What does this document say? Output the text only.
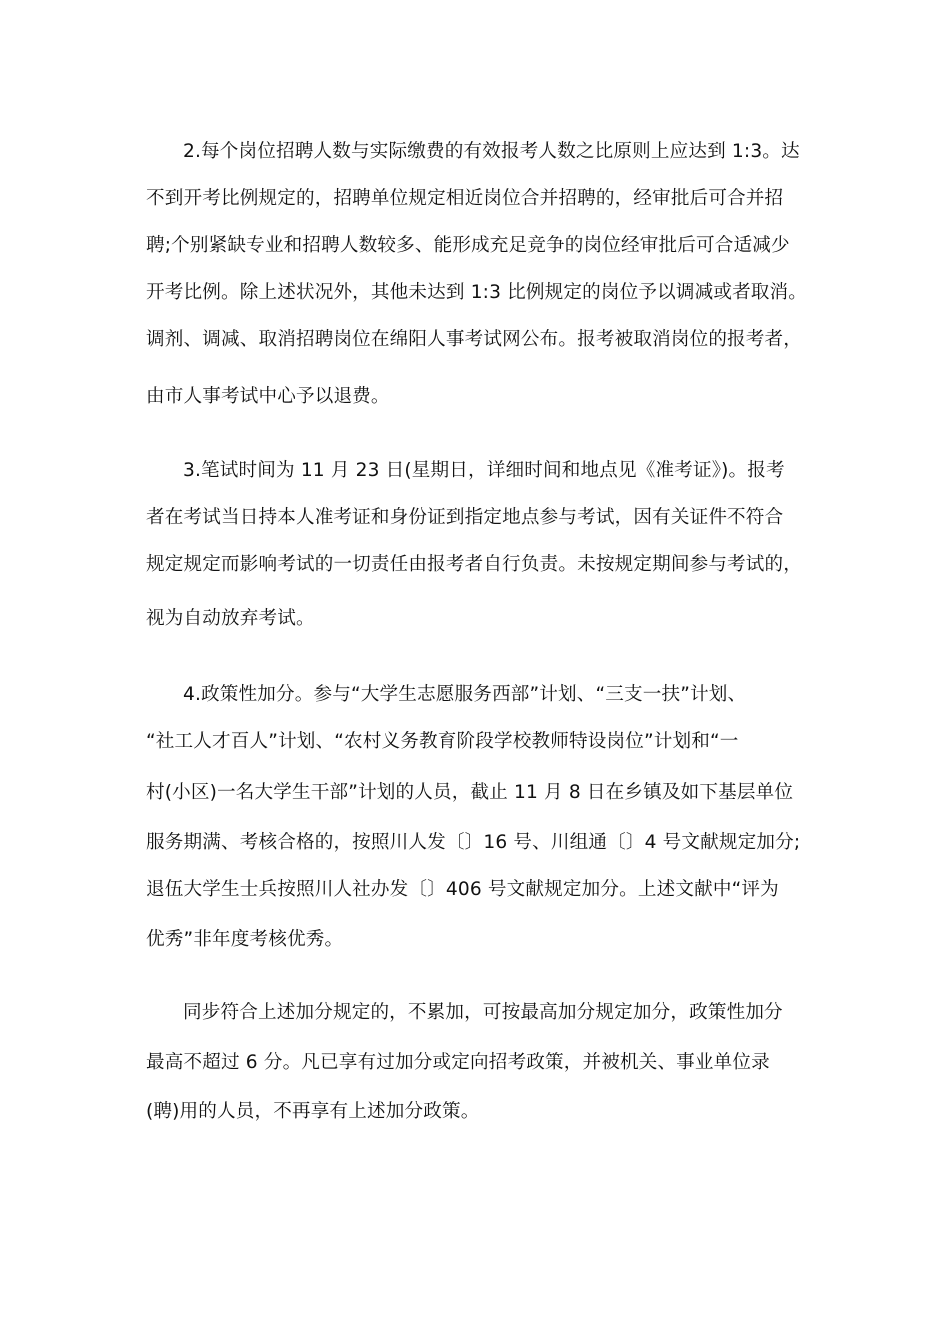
2.每个岗位招聘人数与实际缴费的有效报考人数之比原则上应达到 1:3。达
不到开考比例规定的，招聘单位规定相近岗位合并招聘的，经审批后可合并招
聘;个别紧缺专业和招聘人数较多、能形成充足竞争的岗位经审批后可合适减少
开考比例。除上述状况外，其他未达到 1:3 比例规定的岗位予以调减或者取消。
调剂、调减、取消招聘岗位在绵阳人事考试网公布。报考被取消岗位的报考者，
由市人事考试中心予以退费。
3.笔试时间为 11 月 23 日(星期日，详细时间和地点见《准考证》)。报考
者在考试当日持本人准考证和身份证到指定地点参与考试，因有关证件不符合
规定规定而影响考试的一切责任由报考者自行负责。未按规定期间参与考试的，
视为自动放弃考试。
4.政策性加分。参与“大学生志愿服务西部”计划、“三支一扶”计划、
“社工人才百人”计划、“农村义务教育阶段学校教师特设岗位”计划和“一
村(小区)一名大学生干部”计划的人员，截止 11 月 8 日在乡镇及如下基层单位
服务期满、考核合格的，按照川人发〔〕16 号、川组通〔〕4 号文献规定加分;
退伍大学生士兵按照川人社办发〔〕406 号文献规定加分。上述文献中“评为
优秀”非年度考核优秀。
同步符合上述加分规定的，不累加，可按最高加分规定加分，政策性加分
最高不超过 6 分。凡已享有过加分或定向招考政策，并被机关、事业单位录
(聘)用的人员，不再享有上述加分政策。
